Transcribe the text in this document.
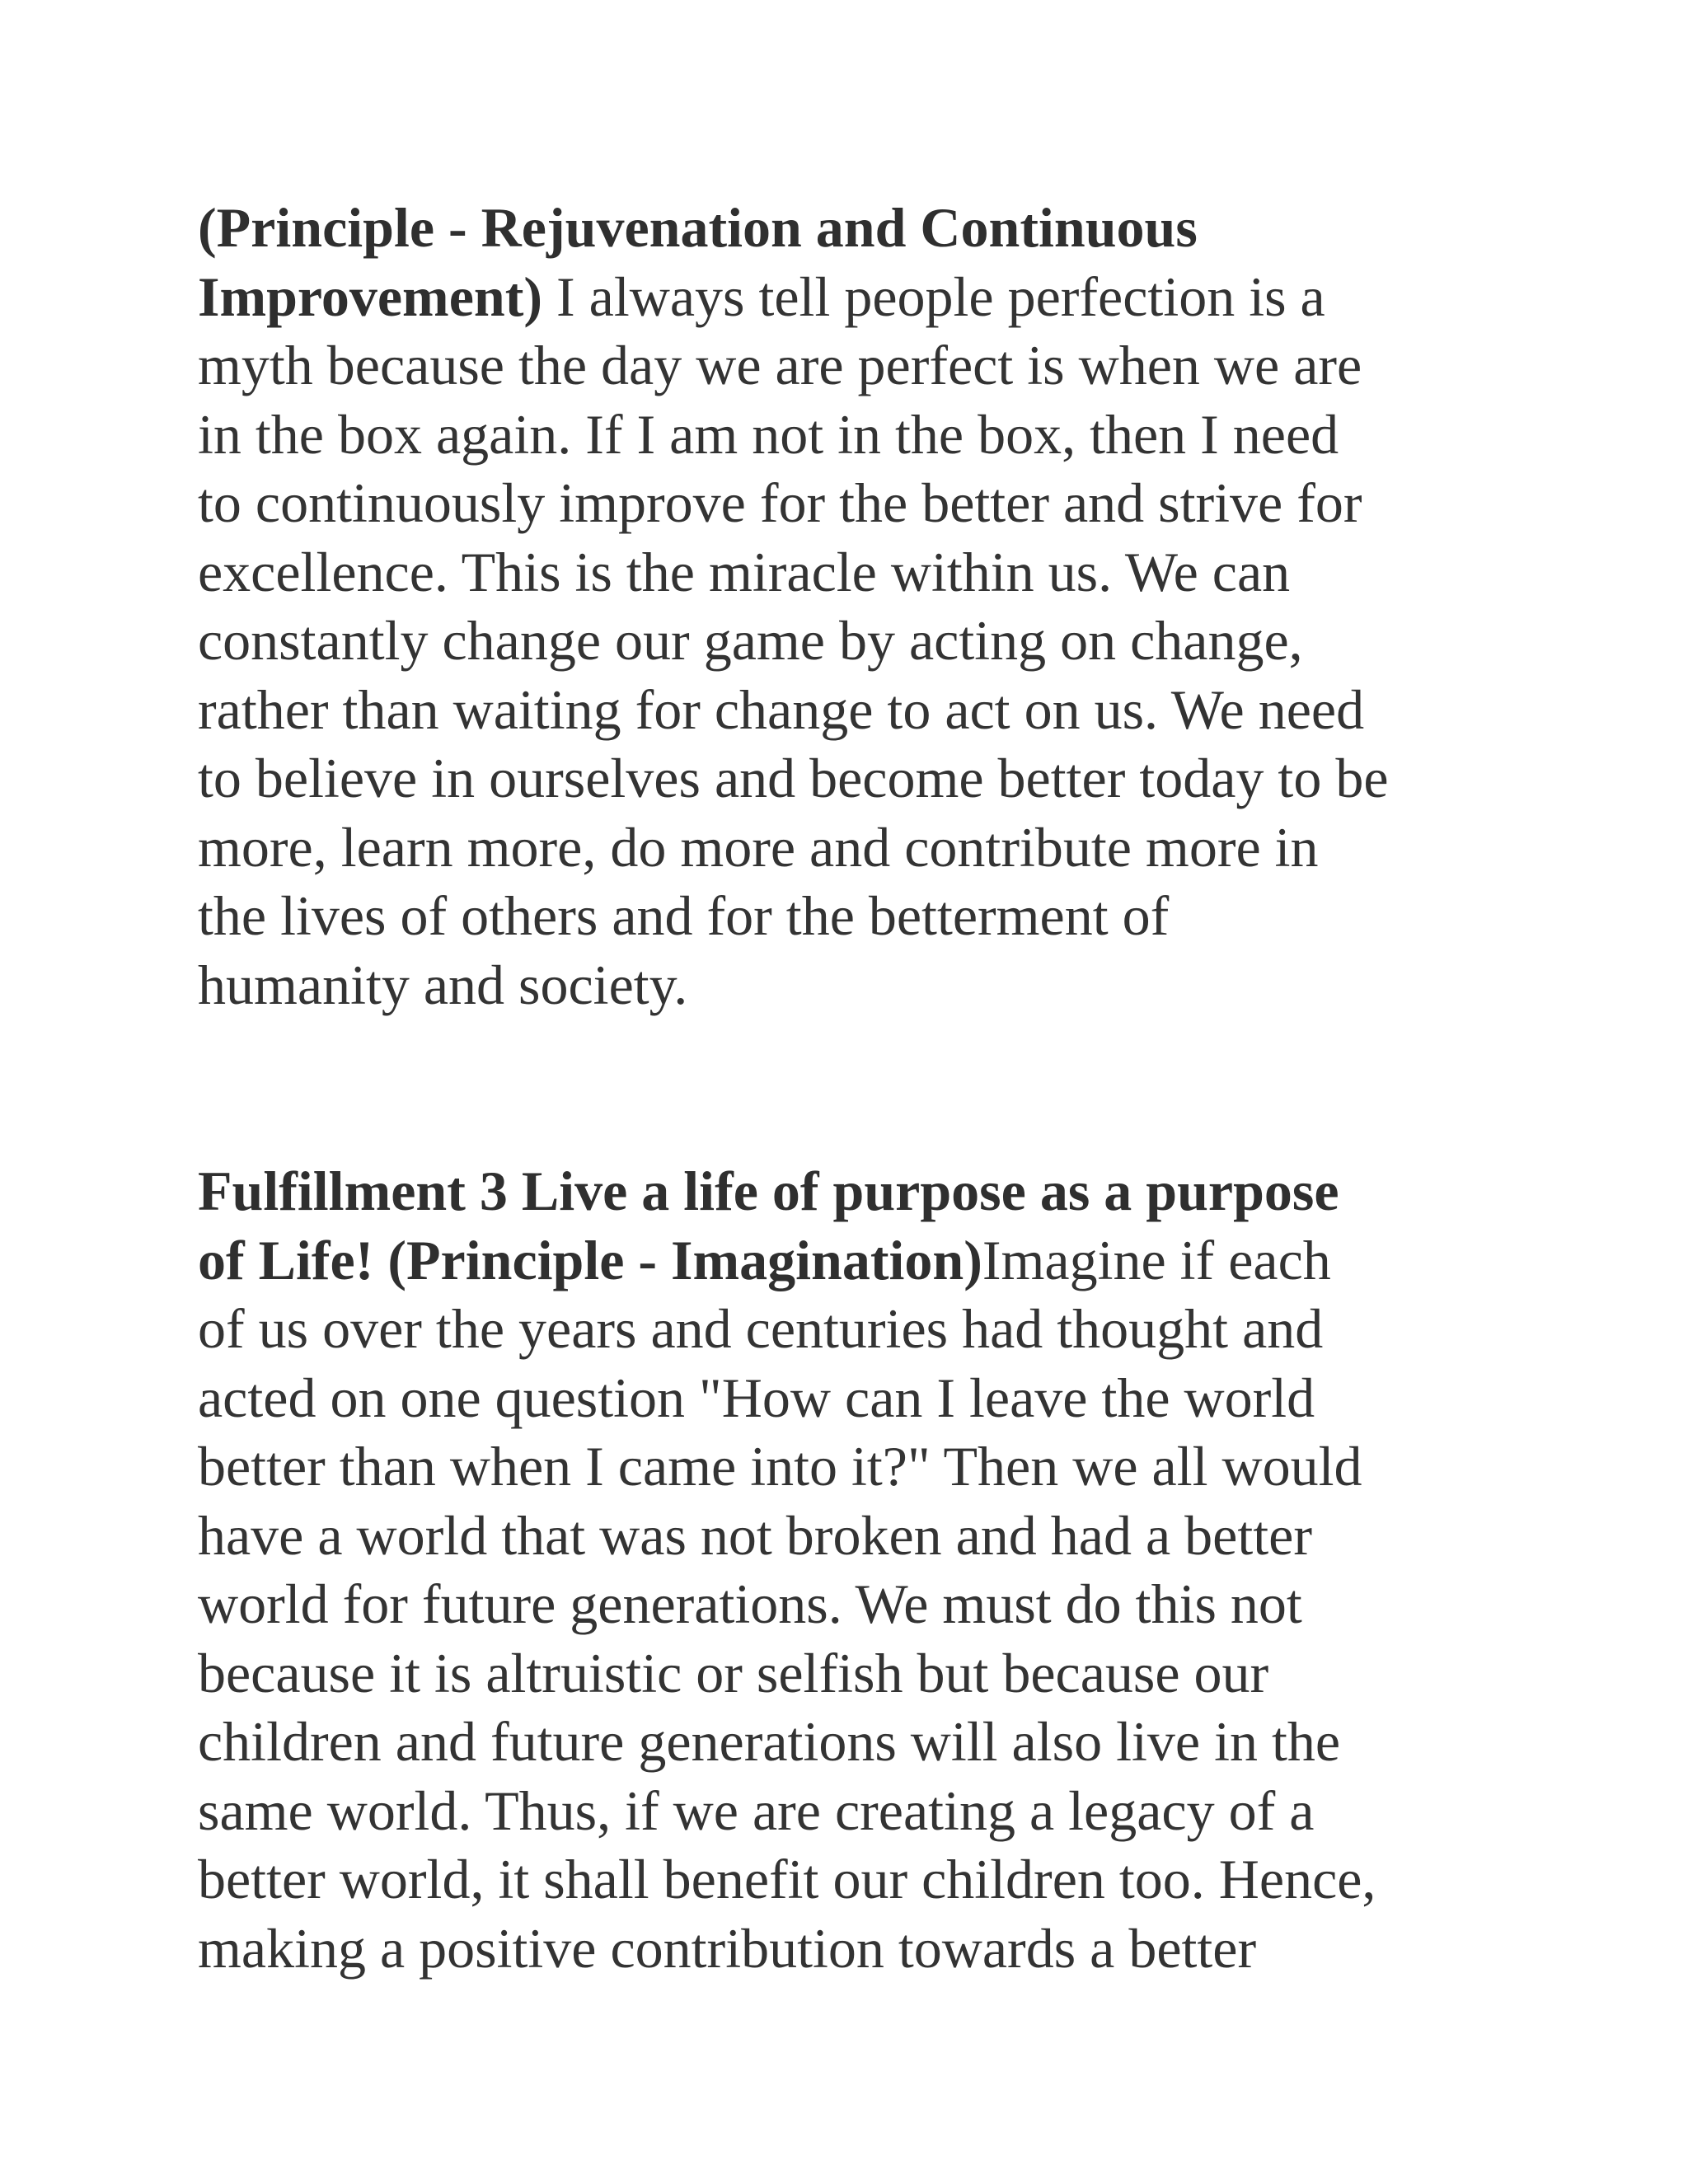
(Principle - Rejuvenation and Continuous
Improvement) I always tell people perfection is a
myth because the day we are perfect is when we are
in the box again. If I am not in the box, then I need
to continuously improve for the better and strive for
excellence. This is the miracle within us. We can
constantly change our game by acting on change,
rather than waiting for change to act on us. We need
to believe in ourselves and become better today to be
more, learn more, do more and contribute more in
the lives of others and for the betterment of
humanity and society.
Fulfillment 3 Live a life of purpose as a purpose
of Life! (Principle - Imagination)Imagine if each
of us over the years and centuries had thought and
acted on one question "How can I leave the world
better than when I came into it?" Then we all would
have a world that was not broken and had a better
world for future generations. We must do this not
because it is altruistic or selfish but because our
children and future generations will also live in the
same world. Thus, if we are creating a legacy of a
better world, it shall benefit our children too. Hence,
making a positive contribution towards a better
